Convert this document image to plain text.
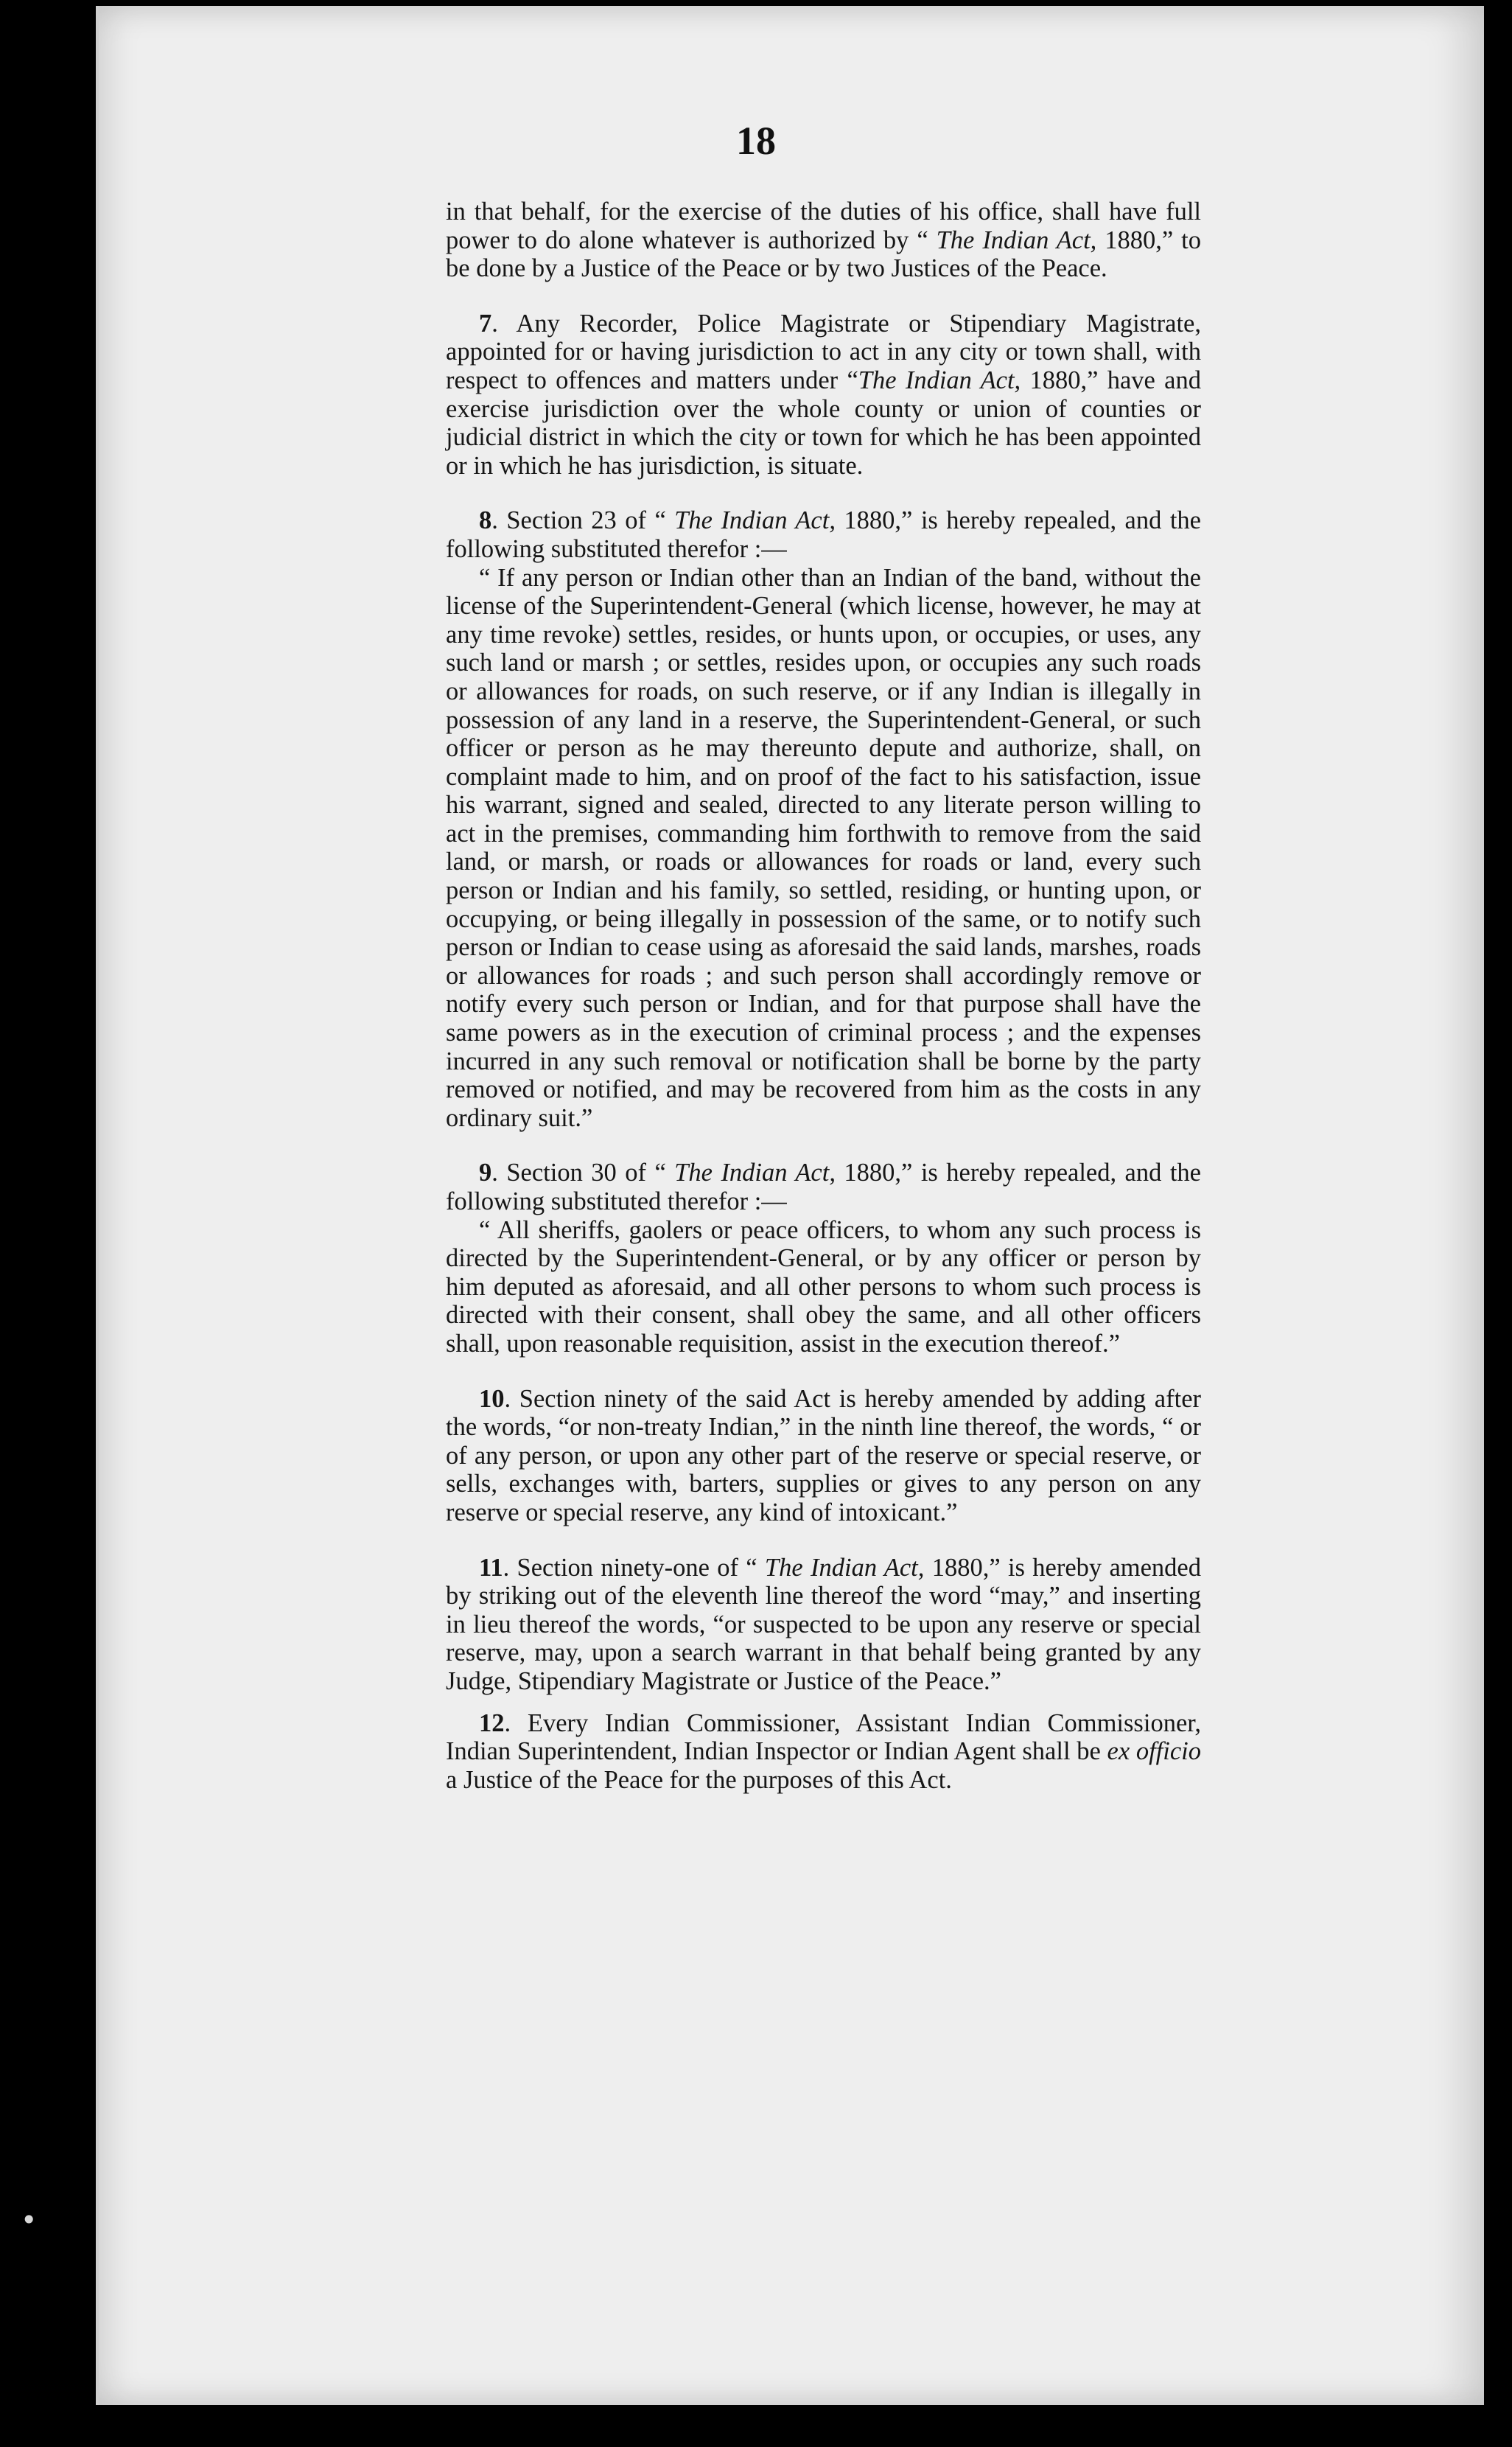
18

in that behalf, for the exercise of the duties of his office, shall have full power to do alone whatever is authorized by “ The Indian Act, 1880,” to be done by a Justice of the Peace or by two Justices of the Peace.

7. Any Recorder, Police Magistrate or Stipendiary Magistrate, appointed for or having jurisdiction to act in any city or town shall, with respect to offences and matters under “The Indian Act, 1880,” have and exercise jurisdiction over the whole county or union of counties or judicial district in which the city or town for which he has been appointed or in which he has jurisdiction, is situate.

8. Section 23 of “ The Indian Act, 1880,” is hereby repealed, and the following substituted therefor :—

“ If any person or Indian other than an Indian of the band, without the license of the Superintendent-General (which license, however, he may at any time revoke) settles, resides, or hunts upon, or occupies, or uses, any such land or marsh ; or settles, resides upon, or occupies any such roads or allowances for roads, on such reserve, or if any Indian is illegally in possession of any land in a reserve, the Superintendent-General, or such officer or person as he may thereunto depute and authorize, shall, on complaint made to him, and on proof of the fact to his satisfaction, issue his warrant, signed and sealed, directed to any literate person willing to act in the premises, commanding him forthwith to remove from the said land, or marsh, or roads or allowances for roads or land, every such person or Indian and his family, so settled, residing, or hunting upon, or occupying, or being illegally in possession of the same, or to notify such person or Indian to cease using as aforesaid the said lands, marshes, roads or allowances for roads ; and such person shall accordingly remove or notify every such person or Indian, and for that purpose shall have the same powers as in the execution of criminal process ; and the expenses incurred in any such removal or notification shall be borne by the party removed or notified, and may be recovered from him as the costs in any ordinary suit.”

9. Section 30 of “ The Indian Act, 1880,” is hereby repealed, and the following substituted therefor :—

“ All sheriffs, gaolers or peace officers, to whom any such process is directed by the Superintendent-General, or by any officer or person by him deputed as aforesaid, and all other persons to whom such process is directed with their consent, shall obey the same, and all other officers shall, upon reasonable requisition, assist in the execution thereof.”

10. Section ninety of the said Act is hereby amended by adding after the words, “or non-treaty Indian,” in the ninth line thereof, the words, “ or of any person, or upon any other part of the reserve or special reserve, or sells, exchanges with, barters, supplies or gives to any person on any reserve or special reserve, any kind of intoxicant.”

11. Section ninety-one of “ The Indian Act, 1880,” is hereby amended by striking out of the eleventh line thereof the word “may,” and inserting in lieu thereof the words, “or suspected to be upon any reserve or special reserve, may, upon a search warrant in that behalf being granted by any Judge, Stipendiary Magistrate or Justice of the Peace.”

12. Every Indian Commissioner, Assistant Indian Commissioner, Indian Superintendent, Indian Inspector or Indian Agent shall be ex officio a Justice of the Peace for the purposes of this Act.

•
